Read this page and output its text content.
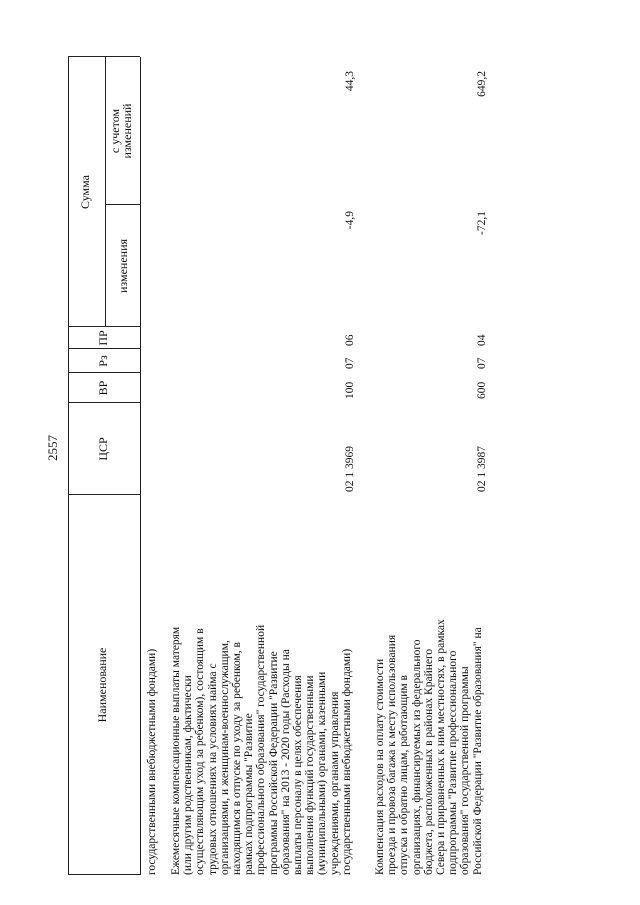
2557
Наименование
ЦСР
ВР
Рз
ПР
Сумма
изменения
с учетом
изменений
государственными внебюджетными фондами) Ежемесячные компенсационные выплаты матерям (или другим родственникам, фактически осуществляющим уход за ребенком), состоящим в трудовых отношениях на условиях найма с организациями, и женщинам-военнослужащим, находящимся в отпуске по уходу за ребенком, в рамках подпрограммы "Развитие профессионального образования" государственной программы Российской Федерации "Развитие образования" на 2013 - 2020 годы (Расходы на выплаты персоналу в целях обеспечения выполнения функций государственными (муниципальными) органами, казенными учреждениями, органами управления государственными внебюджетными фондами)
02 1 3969
100
07
06
-4,9
44,3
Компенсация расходов на оплату стоимости проезда и провоза багажа к месту использования отпуска и обратно лицам, работающим в организациях, финансируемых из федерального бюджета, расположенных в районах Крайнего Севера и приравненных к ним местностях, в рамках подпрограммы "Развитие профессионального образования" государственной программы Российской Федерации "Развитие образования" на
02 1 3987
600
07
04
-72,1
649,2
